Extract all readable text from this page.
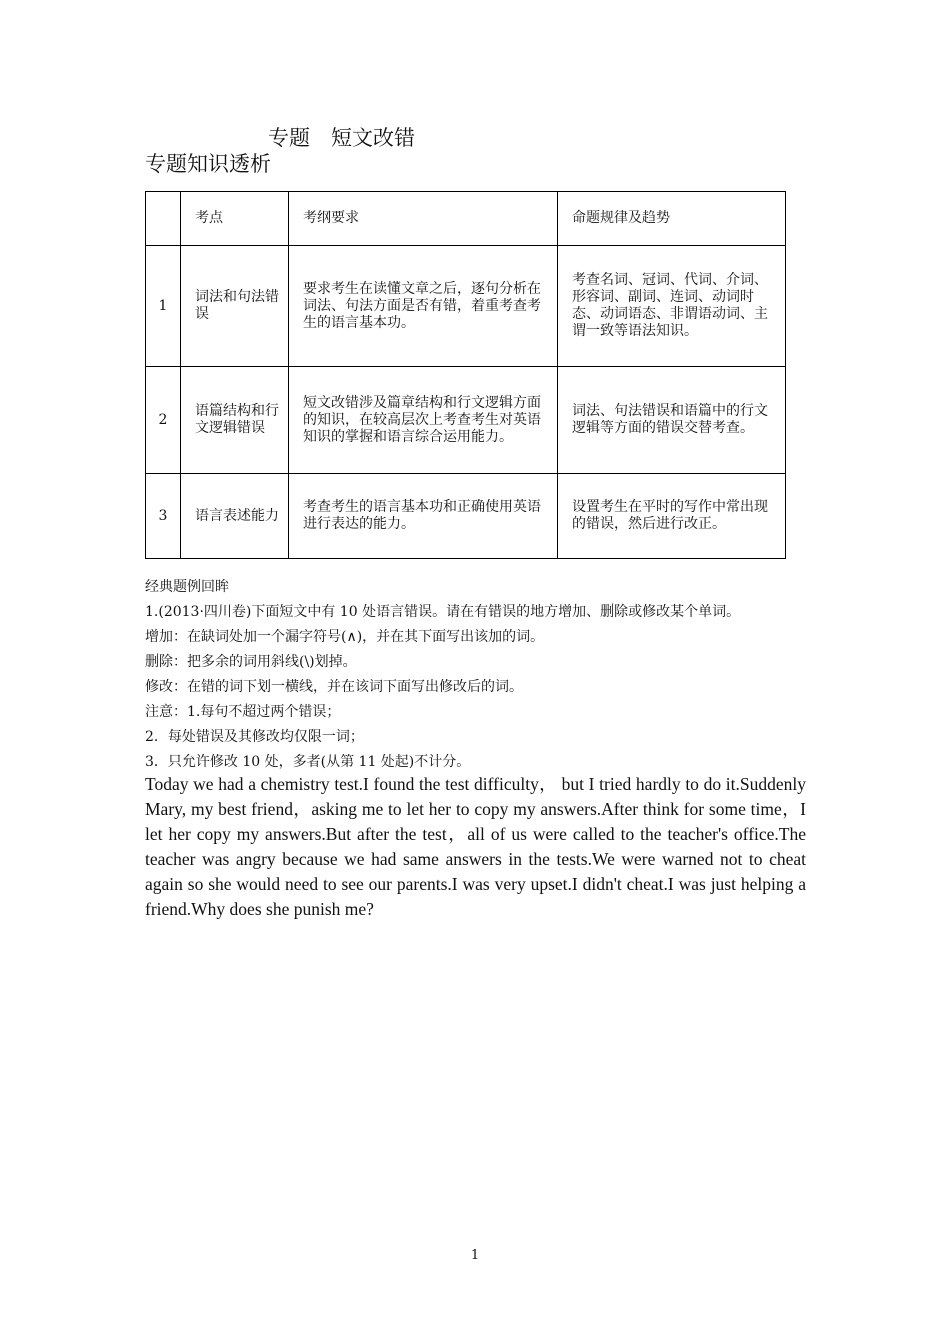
专题　短文改错
专题知识透析
	考点	考纲要求	命题规律及趋势
1	词法和句法错误	要求考生在读懂文章之后，逐句分析在词法、句法方面是否有错，着重考查考生的语言基本功。	考查名词、冠词、代词、介词、形容词、副词、连词、动词时态、动词语态、非谓语动词、主谓一致等语法知识。
2	语篇结构和行文逻辑错误	短文改错涉及篇章结构和行文逻辑方面的知识，在较高层次上考查考生对英语知识的掌握和语言综合运用能力。	词法、句法错误和语篇中的行文逻辑等方面的错误交替考查。
3	语言表述能力	考查考生的语言基本功和正确使用英语进行表达的能力。	设置考生在平时的写作中常出现的错误，然后进行改正。
经典题例回眸
1.(2013·四川卷)下面短文中有 10 处语言错误。请在有错误的地方增加、删除或修改某个单词。
增加：在缺词处加一个漏字符号(∧)，并在其下面写出该加的词。
删除：把多余的词用斜线(\)划掉。
修改：在错的词下划一横线，并在该词下面写出修改后的词。
注意：1.每句不超过两个错误；
2．每处错误及其修改均仅限一词；
3．只允许修改 10 处，多者(从第 11 处起)不计分。
Today we had a chemistry test.I found the test difficulty， but I tried hardly to do it.Suddenly Mary, my best friend，asking me to let her to copy my answers.After think for some time，I let her copy my answers.But after the test，all of us were called to the teacher's office.The teacher was angry because we had same answers in the tests.We were warned not to cheat again so she would need to see our parents.I was very upset.I didn't cheat.I was just helping a friend.Why does she punish me?
1
